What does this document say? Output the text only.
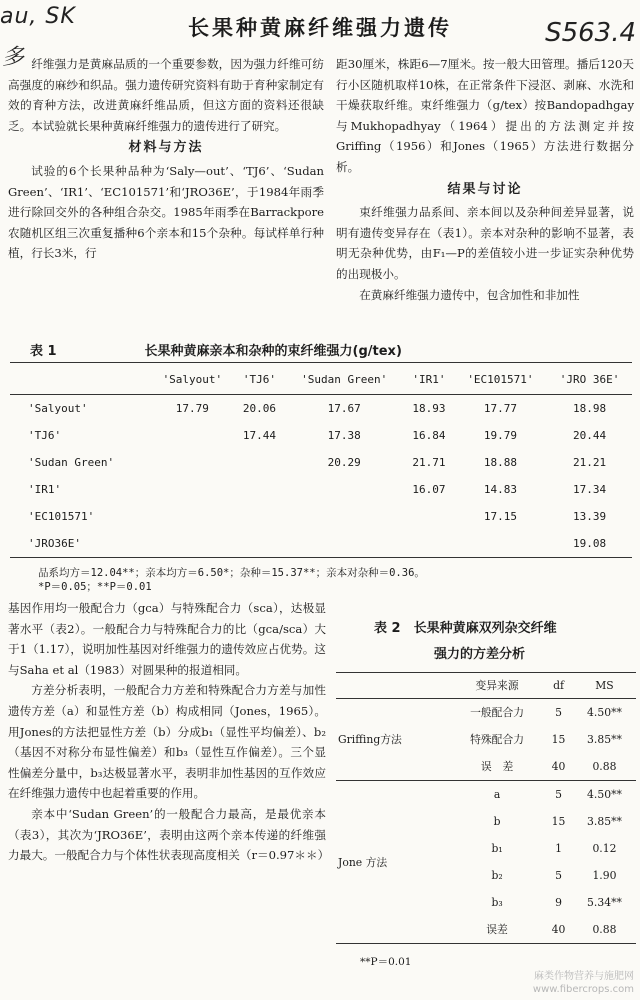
au, SK
多
S563.4
长果种黄麻纤维强力遗传

纤维强力是黄麻品质的一个重要参数，因为强力纤维可纺高强度的麻纱和织品。强力遗传研究资料有助于育种家制定有效的育种方法，改进黄麻纤维品质，但这方面的资料还很缺乏。本试验就长果种黄麻纤维强力的遗传进行了研究。

材料与方法

试验的6个长果种品种为‘Saly—out’、‘TJ6’、‘Sudan Green’、‘IR1’、‘EC101571’和‘JRO36E’，于1984年雨季进行除回交外的各种组合杂交。1985年雨季在Barrackpore农随机区组三次重复播种6个亲本和15个杂种。每试样单行种植，行长3米，行

距30厘米，株距6—7厘米。按一般大田管理。播后120天行小区随机取样10株，在正常条件下浸沤、剥麻、水洗和干燥获取纤维。束纤维强力（g/tex）按Bandopadhgay与Mukhopadhyay（1964）提出的方法测定并按Griffing（1956）和Jones（1965）方法进行数据分析。

结果与讨论

束纤维强力品系间、亲本间以及杂种间差异显著，说明有遗传变异存在（表1）。亲本对杂种的影响不显著，表明无杂种优势，由F₁—P的差值较小进一步证实杂种优势的出现极小。

在黄麻纤维强力遗传中，包含加性和非加性

表 1	长果种黄麻亲本和杂种的束纤维强力(g/tex)
	'Salyout'	'TJ6'	'Sudan Green'	'IR1'	'EC101571'	'JRO 36E'
'Salyout'	17.79	20.06	17.67	18.93	17.77	18.98
'TJ6'		17.44	17.38	16.84	19.79	20.44
'Sudan Green'			20.29	21.71	18.88	21.21
'IR1'				16.07	14.83	17.34
'EC101571'					17.15	13.39
'JRO36E'						19.08
品系均方＝12.04**；亲本均方＝6.50*；杂种＝15.37**；亲本对杂种＝0.36。
*P＝0.05；**P＝0.01

基因作用均一般配合力（gca）与特殊配合力（sca），达极显著水平（表2）。一般配合力与特殊配合力的比（gca/sca）大于1（1.17），说明加性基因对纤维强力的遗传效应占优势。这与Saha et al（1983）对圆果种的报道相同。

方差分析表明，一般配合力方差和特殊配合力方差与加性遗传方差（a）和显性方差（b）构成相同（Jones，1965）。用Jones的方法把显性方差（b）分成b₁（显性平均偏差）、b₂（基因不对称分布显性偏差）和b₃（显性互作偏差）。三个显性偏差分量中，b₃达极显著水平，表明非加性基因的互作效应在纤维强力遗传中也起着重要的作用。

亲本中‘Sudan Green’的一般配合力最高，是最优亲本（表3），其次为‘JRO36E’，表明由这两个亲本传递的纤维强力最大。一般配合力与个体性状表现高度相关（r＝0.97＊＊）

表 2　长果种黄麻双列杂交纤维
强力的方差分析
	变异来源	df	MS
Griffing方法	一般配合力	5	4.50**
	特殊配合力	15	3.85**
	误　差	40	0.88
Jone 方法	a	5	4.50**
	b	15	3.85**
	b₁	1	0.12
	b₂	5	1.90
	b₃	9	5.34**
	误差	40	0.88
**P＝0.01
麻类作物营养与施肥网
www.fibercrops.com
